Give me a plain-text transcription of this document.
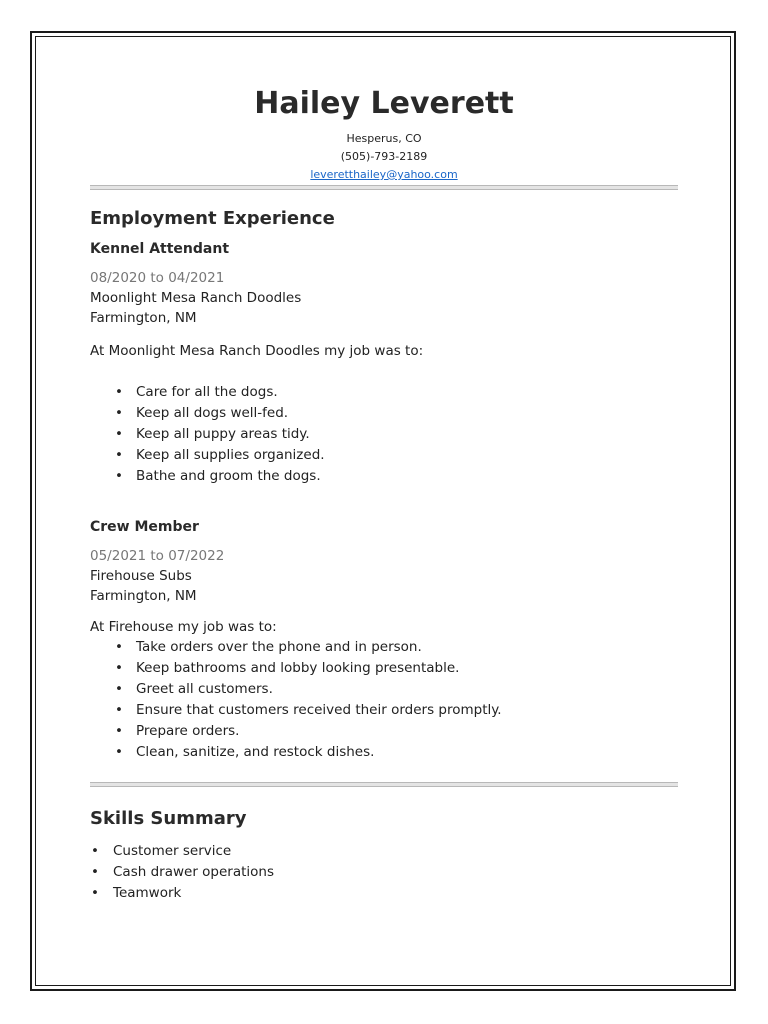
Hailey Leverett
Hesperus, CO
(505)-793-2189
leveretthailey@yahoo.com
Employment Experience
Kennel Attendant
08/2020 to 04/2021
Moonlight Mesa Ranch Doodles
Farmington, NM
At Moonlight Mesa Ranch Doodles my job was to:
• Care for all the dogs.
• Keep all dogs well-fed.
• Keep all puppy areas tidy.
• Keep all supplies organized.
• Bathe and groom the dogs.
Crew Member
05/2021 to 07/2022
Firehouse Subs
Farmington, NM
At Firehouse my job was to:
• Take orders over the phone and in person.
• Keep bathrooms and lobby looking presentable.
• Greet all customers.
• Ensure that customers received their orders promptly.
• Prepare orders.
• Clean, sanitize, and restock dishes.
Skills Summary
• Customer service
• Cash drawer operations
• Teamwork
